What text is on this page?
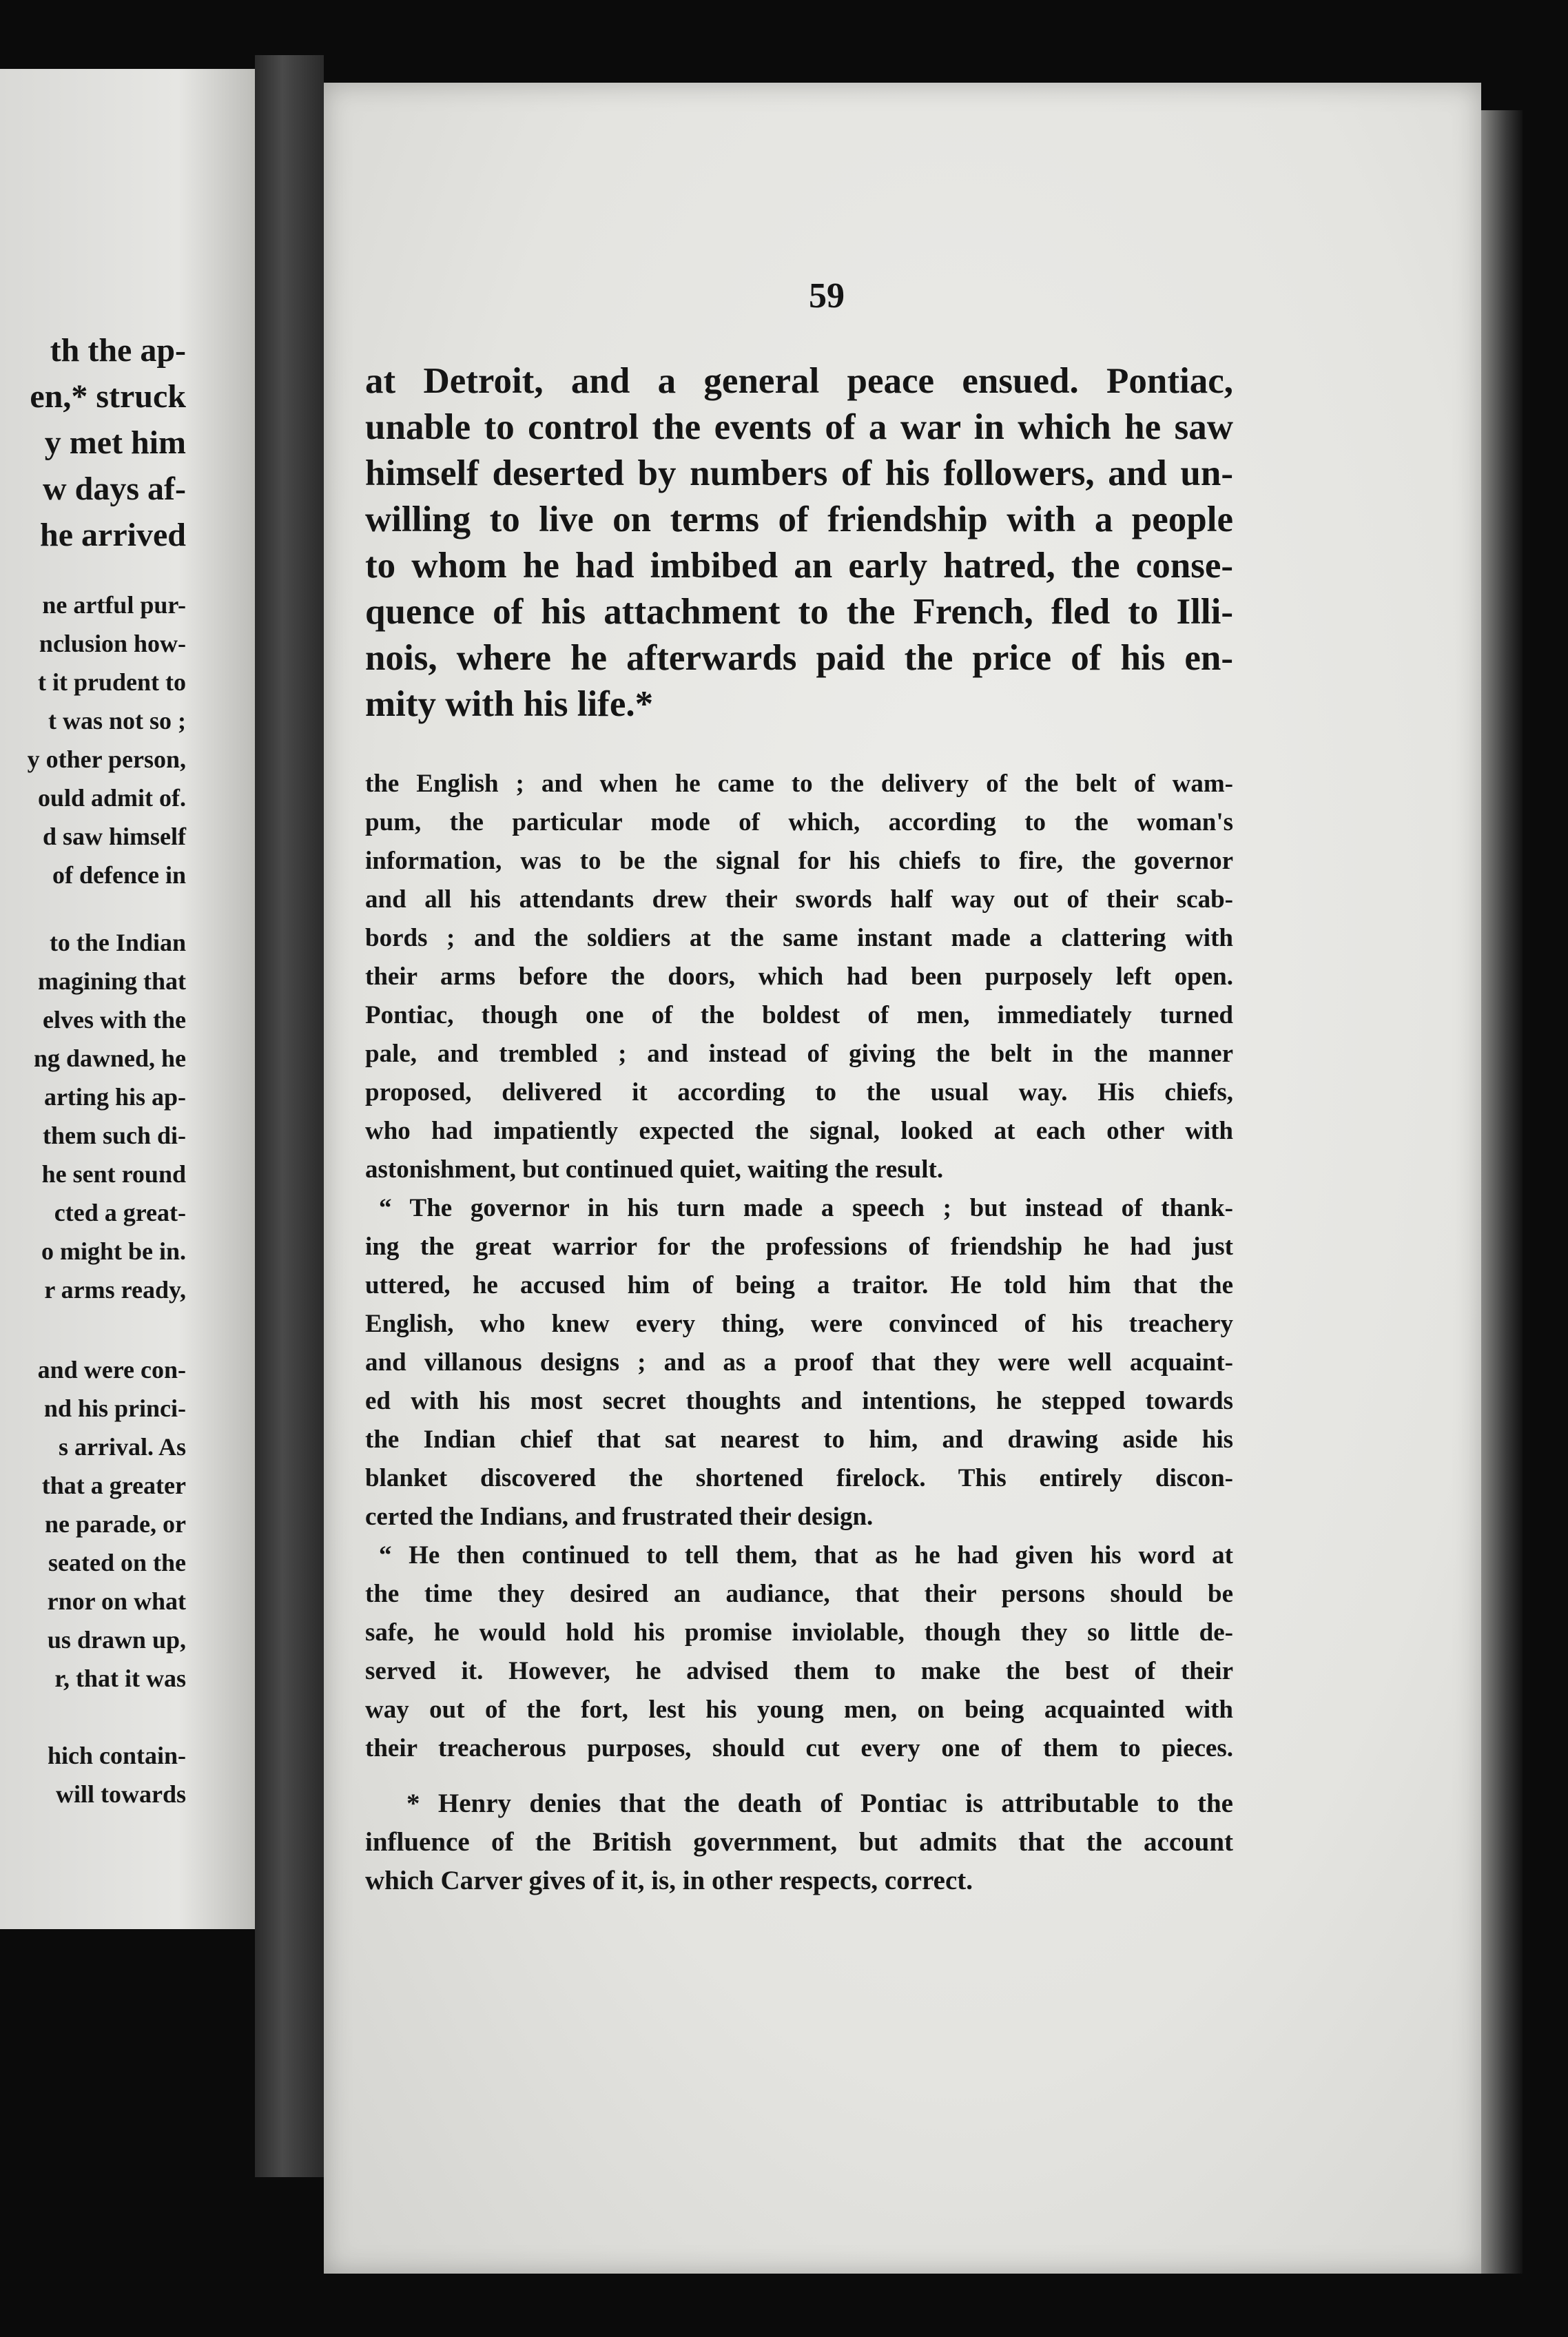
th the ap-

en,* struck

y met him

w days af-

he arrived

ne artful pur-

nclusion how-

t it prudent to

t was not so ;

y other person,

ould admit of.

d saw himself

of defence in

to the Indian

magining that

elves with the

ng dawned, he

arting his ap-

them such di-

he sent round

cted a great-

o might be in.

r arms ready,

and were con-

nd his princi-

s arrival. As

that a greater

ne parade, or

seated on the

rnor on what

us drawn up,

r, that it was

hich contain-

will towards

59

at Detroit, and a general peace ensued. Pontiac,
unable to control the events of a war in which he saw
himself deserted by numbers of his followers, and un-
willing to live on terms of friendship with a people
to whom he had imbibed an early hatred, the conse-
quence of his attachment to the French, fled to Illi-
nois, where he afterwards paid the price of his en-
mity with his life.*
the English ; and when he came to the delivery of the belt of wam-
pum, the particular mode of which, according to the woman's
information, was to be the signal for his chiefs to fire, the governor
and all his attendants drew their swords half way out of their scab-
bords ; and the soldiers at the same instant made a clattering with
their arms before the doors, which had been purposely left open.
Pontiac, though one of the boldest of men, immediately turned
pale, and trembled ; and instead of giving the belt in the manner
proposed, delivered it according to the usual way. His chiefs,
who had impatiently expected the signal, looked at each other with
astonishment, but continued quiet, waiting the result.
“ The governor in his turn made a speech ; but instead of thank-
ing the great warrior for the professions of friendship he had just
uttered, he accused him of being a traitor. He told him that the
English, who knew every thing, were convinced of his treachery
and villanous designs ; and as a proof that they were well acquaint-
ed with his most secret thoughts and intentions, he stepped towards
the Indian chief that sat nearest to him, and drawing aside his
blanket discovered the shortened firelock. This entirely discon-
certed the Indians, and frustrated their design.
“ He then continued to tell them, that as he had given his word at
the time they desired an audiance, that their persons should be
safe, he would hold his promise inviolable, though they so little de-
served it. However, he advised them to make the best of their
way out of the fort, lest his young men, on being acquainted with
their treacherous purposes, should cut every one of them to pieces.
* Henry denies that the death of Pontiac is attributable to the
influence of the British government, but admits that the account
which Carver gives of it, is, in other respects, correct.
